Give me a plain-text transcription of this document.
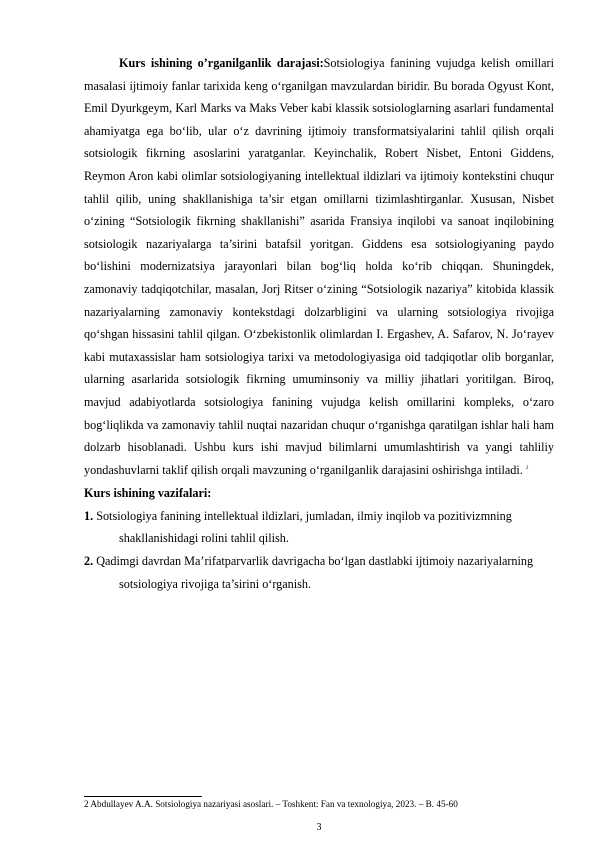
Kurs ishining o’rganilganlik darajasi:Sotsiologiya fanining vujudga kelish omillari masalasi ijtimoiy fanlar tarixida keng o‘rganilgan mavzulardan biridir. Bu borada Ogyust Kont, Emil Dyurkgeym, Karl Marks va Maks Veber kabi klassik sotsiologlarning asarlari fundamental ahamiyatga ega bo‘lib, ular o‘z davrining ijtimoiy transformatsiyalarini tahlil qilish orqali sotsiologik fikrning asoslarini yaratganlar. Keyinchalik, Robert Nisbet, Entoni Giddens, Reymon Aron kabi olimlar sotsiologiyaning intellektual ildizlari va ijtimoiy kontekstini chuqur tahlil qilib, uning shakllanishiga ta’sir etgan omillarni tizimlashtirganlar. Xususan, Nisbet o‘zining “Sotsiologik fikrning shakllanishi” asarida Fransiya inqilobi va sanoat inqilobining sotsiologik nazariyalarga ta’sirini batafsil yoritgan. Giddens esa sotsiologiyaning paydo bo‘lishini modernizatsiya jarayonlari bilan bog‘liq holda ko‘rib chiqqan. Shuningdek, zamonaviy tadqiqotchilar, masalan, Jorj Ritser o‘zining “Sotsiologik nazariya” kitobida klassik nazariyalarning zamonaviy kontekstdagi dolzarbligini va ularning sotsiologiya rivojiga qo‘shgan hissasini tahlil qilgan. O‘zbekistonlik olimlardan I. Ergashev, A. Safarov, N. Jo‘rayev kabi mutaxassislar ham sotsiologiya tarixi va metodologiyasiga oid tadqiqotlar olib borganlar, ularning asarlarida sotsiologik fikrning umuminsoniy va milliy jihatlari yoritilgan. Biroq, mavjud adabiyotlarda sotsiologiya fanining vujudga kelish omillarini kompleks, o‘zaro bog‘liqlikda va zamonaviy tahlil nuqtai nazaridan chuqur o‘rganishga qaratilgan ishlar hali ham dolzarb hisoblanadi. Ushbu kurs ishi mavjud bilimlarni umumlashtirish va yangi tahliliy yondashuvlarni taklif qilish orqali mavzuning o‘rganilganlik darajasini oshirishga intiladi. $^2$

Kurs ishining vazifalari:

1. Sotsiologiya fanining intellektual ildizlari, jumladan, ilmiy inqilob va pozitivizmning shakllanishidagi rolini tahlil qilish.

2. Qadimgi davrdan Ma’rifatparvarlik davrigacha bo‘lgan dastlabki ijtimoiy nazariyalarning sotsiologiya rivojiga ta’sirini o‘rganish.

2 Abdullayev A.A. Sotsiologiya nazariyasi asoslari. – Toshkent: Fan va texnologiya, 2023. – B. 45-60

3
